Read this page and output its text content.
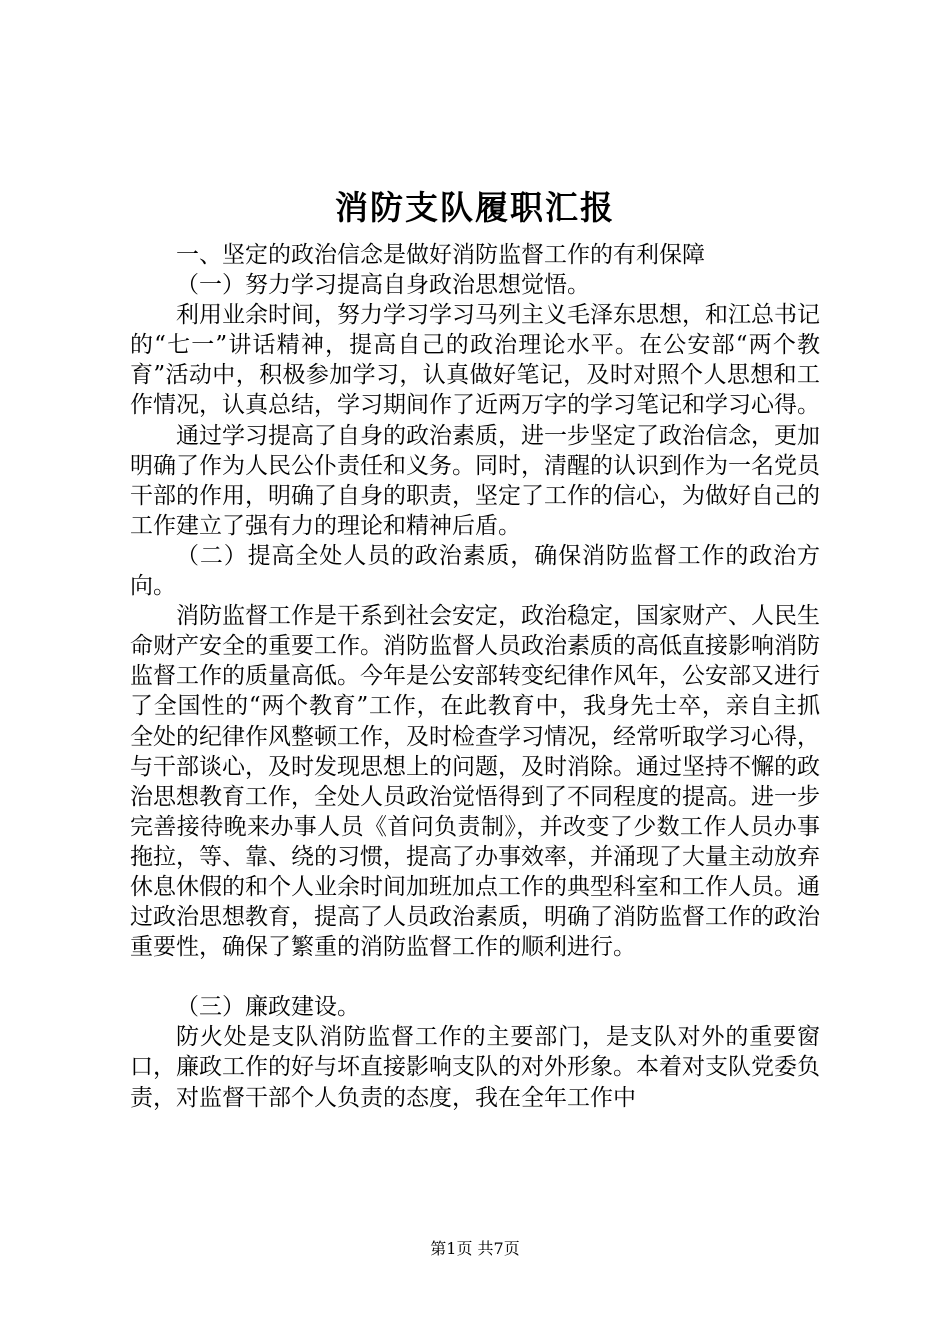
消防支队履职汇报

一、坚定的政治信念是做好消防监督工作的有利保障

（一）努力学习提高自身政治思想觉悟。

利用业余时间，努力学习学习马列主义毛泽东思想，和江总书记的“七一”讲话精神，提高自己的政治理论水平。在公安部“两个教育”活动中，积极参加学习，认真做好笔记，及时对照个人思想和工作情况，认真总结，学习期间作了近两万字的学习笔记和学习心得。

通过学习提高了自身的政治素质，进一步坚定了政治信念，更加明确了作为人民公仆责任和义务。同时，清醒的认识到作为一名党员干部的作用，明确了自身的职责，坚定了工作的信心，为做好自己的工作建立了强有力的理论和精神后盾。

（二）提高全处人员的政治素质，确保消防监督工作的政治方向。

消防监督工作是干系到社会安定，政治稳定，国家财产、人民生命财产安全的重要工作。消防监督人员政治素质的高低直接影响消防监督工作的质量高低。今年是公安部转变纪律作风年，公安部又进行了全国性的“两个教育”工作，在此教育中，我身先士卒，亲自主抓全处的纪律作风整顿工作，及时检查学习情况，经常听取学习心得，与干部谈心，及时发现思想上的问题，及时消除。通过坚持不懈的政治思想教育工作，全处人员政治觉悟得到了不同程度的提高。进一步完善接待晚来办事人员《首问负责制》，并改变了少数工作人员办事拖拉，等、靠、绕的习惯，提高了办事效率，并涌现了大量主动放弃休息休假的和个人业余时间加班加点工作的典型科室和工作人员。通过政治思想教育，提高了人员政治素质，明确了消防监督工作的政治重要性，确保了繁重的消防监督工作的顺利进行。

（三）廉政建设。

防火处是支队消防监督工作的主要部门，是支队对外的重要窗口，廉政工作的好与坏直接影响支队的对外形象。本着对支队党委负责，对监督干部个人负责的态度，我在全年工作中

第1页 共7页
